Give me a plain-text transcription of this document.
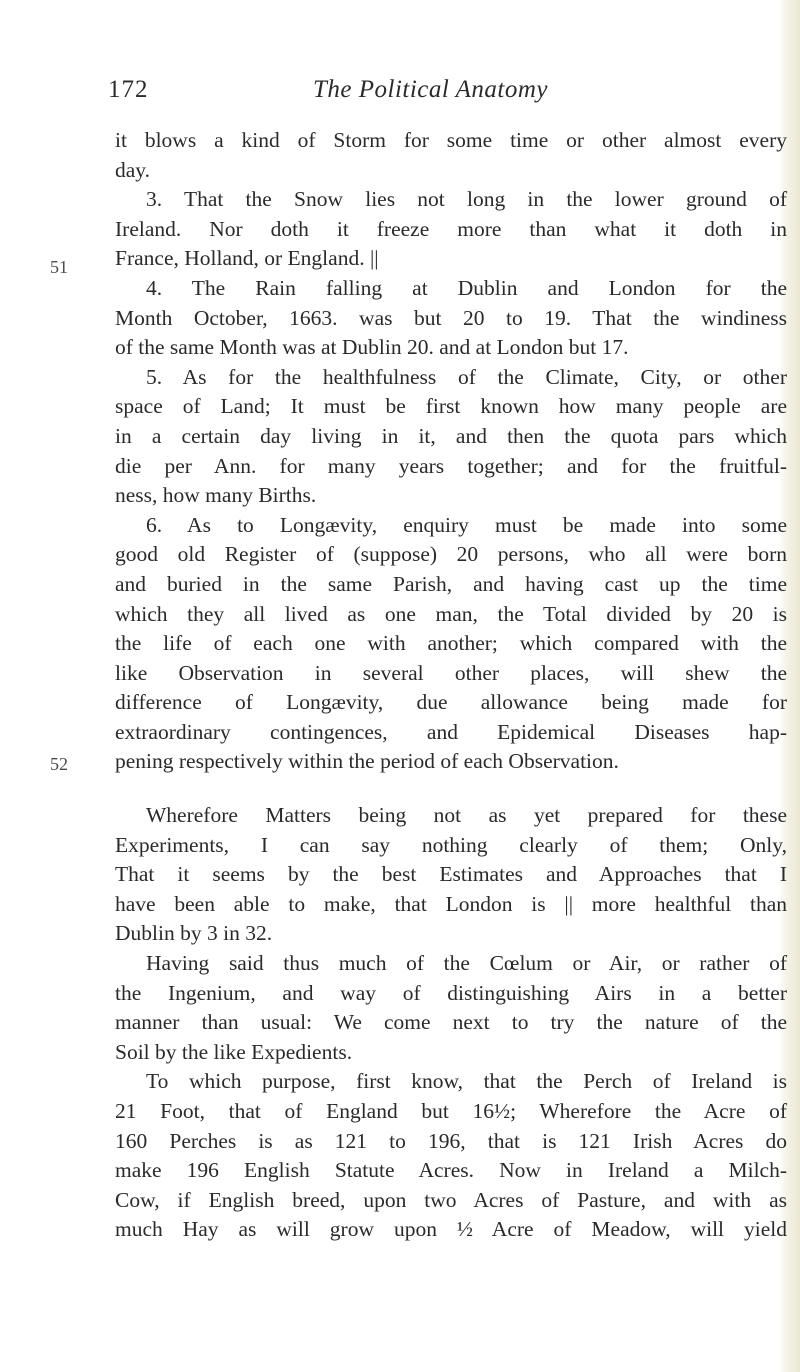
172	The Political Anatomy
51
52
it blows a kind of Storm for some time or other almost every
day.
3. That the Snow lies not long in the lower ground of
Ireland. Nor doth it freeze more than what it doth in
France, Holland, or England. ||
4. The Rain falling at Dublin and London for the
Month October, 1663. was but 20 to 19. That the windiness
of the same Month was at Dublin 20. and at London but 17.
5. As for the healthfulness of the Climate, City, or other
space of Land; It must be first known how many people are
in a certain day living in it, and then the quota pars which
die per Ann. for many years together; and for the fruitful-
ness, how many Births.
6. As to Longævity, enquiry must be made into some
good old Register of (suppose) 20 persons, who all were born
and buried in the same Parish, and having cast up the time
which they all lived as one man, the Total divided by 20 is
the life of each one with another; which compared with the
like Observation in several other places, will shew the
difference of Longævity, due allowance being made for
extraordinary contingences, and Epidemical Diseases hap-
pening respectively within the period of each Observation.
Wherefore Matters being not as yet prepared for these
Experiments, I can say nothing clearly of them; Only,
That it seems by the best Estimates and Approaches that I
have been able to make, that London is || more healthful than
Dublin by 3 in 32.
Having said thus much of the Cœlum or Air, or rather of
the Ingenium, and way of distinguishing Airs in a better
manner than usual: We come next to try the nature of the
Soil by the like Expedients.
To which purpose, first know, that the Perch of Ireland is
21 Foot, that of England but 16½; Wherefore the Acre of
160 Perches is as 121 to 196, that is 121 Irish Acres do
make 196 English Statute Acres. Now in Ireland a Milch-
Cow, if English breed, upon two Acres of Pasture, and with as
much Hay as will grow upon ½ Acre of Meadow, will yield
